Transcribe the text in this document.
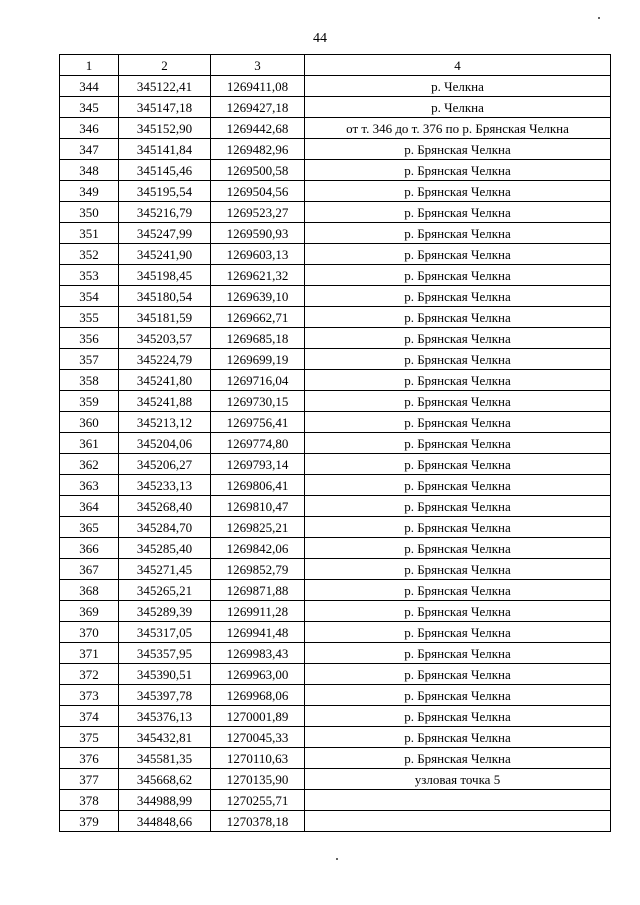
44
1	2	3	4
344	345122,41	1269411,08	р. Челкна
345	345147,18	1269427,18	р. Челкна
346	345152,90	1269442,68	от т. 346 до т. 376 по р. Брянская Челкна
347	345141,84	1269482,96	р. Брянская Челкна
348	345145,46	1269500,58	р. Брянская Челкна
349	345195,54	1269504,56	р. Брянская Челкна
350	345216,79	1269523,27	р. Брянская Челкна
351	345247,99	1269590,93	р. Брянская Челкна
352	345241,90	1269603,13	р. Брянская Челкна
353	345198,45	1269621,32	р. Брянская Челкна
354	345180,54	1269639,10	р. Брянская Челкна
355	345181,59	1269662,71	р. Брянская Челкна
356	345203,57	1269685,18	р. Брянская Челкна
357	345224,79	1269699,19	р. Брянская Челкна
358	345241,80	1269716,04	р. Брянская Челкна
359	345241,88	1269730,15	р. Брянская Челкна
360	345213,12	1269756,41	р. Брянская Челкна
361	345204,06	1269774,80	р. Брянская Челкна
362	345206,27	1269793,14	р. Брянская Челкна
363	345233,13	1269806,41	р. Брянская Челкна
364	345268,40	1269810,47	р. Брянская Челкна
365	345284,70	1269825,21	р. Брянская Челкна
366	345285,40	1269842,06	р. Брянская Челкна
367	345271,45	1269852,79	р. Брянская Челкна
368	345265,21	1269871,88	р. Брянская Челкна
369	345289,39	1269911,28	р. Брянская Челкна
370	345317,05	1269941,48	р. Брянская Челкна
371	345357,95	1269983,43	р. Брянская Челкна
372	345390,51	1269963,00	р. Брянская Челкна
373	345397,78	1269968,06	р. Брянская Челкна
374	345376,13	1270001,89	р. Брянская Челкна
375	345432,81	1270045,33	р. Брянская Челкна
376	345581,35	1270110,63	р. Брянская Челкна
377	345668,62	1270135,90	узловая точка 5
378	344988,99	1270255,71	
379	344848,66	1270378,18	
